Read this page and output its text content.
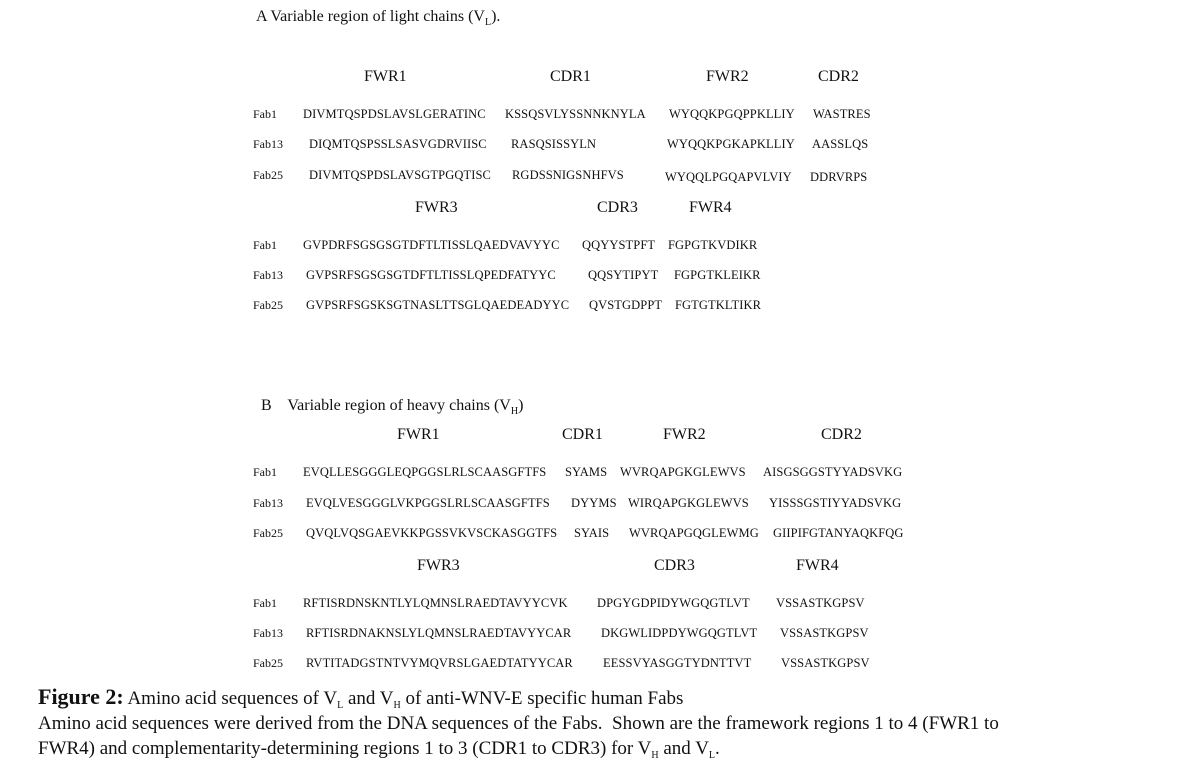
A Variable region of light chains $(V_L)$.
FWR1	CDR1	FWR2	CDR2
Fab1 DIVMTQSPDSLAVSLGERATINC KSSQSVLYSSNNKNYLA WYQQKPGQPPKLLIY WASTRES
Fab13 DIQMTQSPSSLSASVGDRVIISC RASQSISSYLN	WYQQKPGKAPKLLIY AASSLQS
Fab25 DIVMTQSPDSLAVSGTPGQTISC RGDSSNIGSNHFVS	WYQQLPGQAPVLVIY DDRVRPS
FWR3	CDR3	FWR4
Fab1 GVPDRFSGSGSGTDFTLTISSLQAEDVAVYYC QQYYSTPFT FGPGTKVDIKR
Fab13 GVPSRFSGSGSGTDFTLTISSLQPEDFATYYC	QQSYTIPYT FGPGTKLEIKR
Fab25 GVPSRFSGSKSGTNASLTTSGLQAEDEADYYC QVSTGDPPT FGTGTKLTIKR

B    Variable region of heavy chains $(V_H)$

FWR1	CDR1	FWR2	CDR2
Fab1 EVQLLESGGGLEQPGGSLRLSCAASGFTFS SYAMS WVRQAPGKGLEWVS AISGSGGSTYYADSVKG
Fab13 EVQLVESGGGLVKPGGSLRLSCAASGFTFS DYYMS WIRQAPGKGLEWVS YISSSGSTIYYADSVKG
Fab25 QVQLVQSGAEVKKPGSSVKVSCKASGGTFS SYAIS WVRQAPGQGLEWMG GIIPIFGTANYAQKFQG
FWR3	CDR3	FWR4
Fab1 RFTISRDNSKNTLYLQMNSLRAEDTAVYYCVK DPGYGDPIDYWGQGTLVT VSSASTKGPSV
Fab13 RFTISRDNAKNSLYLQMNSLRAEDTAVYYCAR DKGWLIDPDYWGQGTLVT VSSASTKGPSV
Fab25 RVTITADGSTNTVYMQVRSLGAEDTATYYCAR EESSVYASGGTYDNTTVT VSSASTKGPSV
Figure 2: Amino acid sequences of $V_L$ and $V_H$ of anti-WNV-E specific human Fabs
Amino acid sequences were derived from the DNA sequences of the Fabs.  Shown are the framework regions 1 to 4 (FWR1 to
FWR4) and complementarity-determining regions 1 to 3 (CDR1 to CDR3) for $V_H$ and $V_L$.
